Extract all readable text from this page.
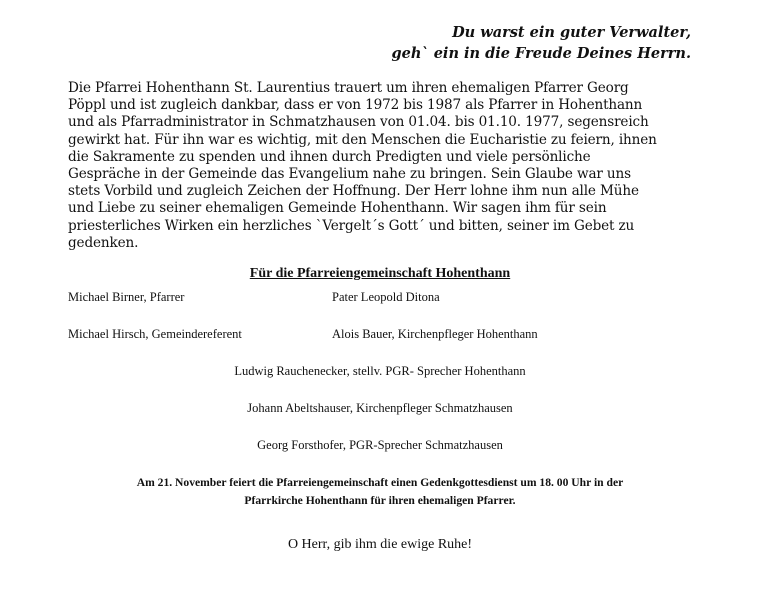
Du warst ein guter Verwalter,
geh` ein in die Freude Deines Herrn.
Die Pfarrei Hohenthann St. Laurentius trauert um ihren ehemaligen Pfarrer Georg
Pöppl und ist zugleich dankbar, dass er von 1972 bis 1987 als Pfarrer in Hohenthann
und als Pfarradministrator in Schmatzhausen von 01.04. bis 01.10. 1977, segensreich
gewirkt hat. Für ihn war es wichtig, mit den Menschen die Eucharistie zu feiern, ihnen
die Sakramente zu spenden und ihnen durch Predigten und viele persönliche
Gespräche in der Gemeinde das Evangelium nahe zu bringen. Sein Glaube war uns
stets Vorbild und zugleich Zeichen der Hoffnung. Der Herr lohne ihm nun alle Mühe
und Liebe zu seiner ehemaligen Gemeinde Hohenthann. Wir sagen ihm für sein
priesterliches Wirken ein herzliches `Vergelt´s Gott´ und bitten, seiner im Gebet zu
gedenken.
Für die Pfarreiengemeinschaft Hohenthann
Michael Birner, Pfarrer	Pater Leopold Ditona
Michael Hirsch, Gemeindereferent	Alois Bauer, Kirchenpfleger Hohenthann
Ludwig Rauchenecker, stellv. PGR- Sprecher Hohenthann
Johann Abeltshauser, Kirchenpfleger Schmatzhausen
Georg Forsthofer, PGR-Sprecher Schmatzhausen
Am 21. November feiert die Pfarreiengemeinschaft einen Gedenkgottesdienst um 18. 00 Uhr in der
Pfarrkirche Hohenthann für ihren ehemaligen Pfarrer.
O Herr, gib ihm die ewige Ruhe!
